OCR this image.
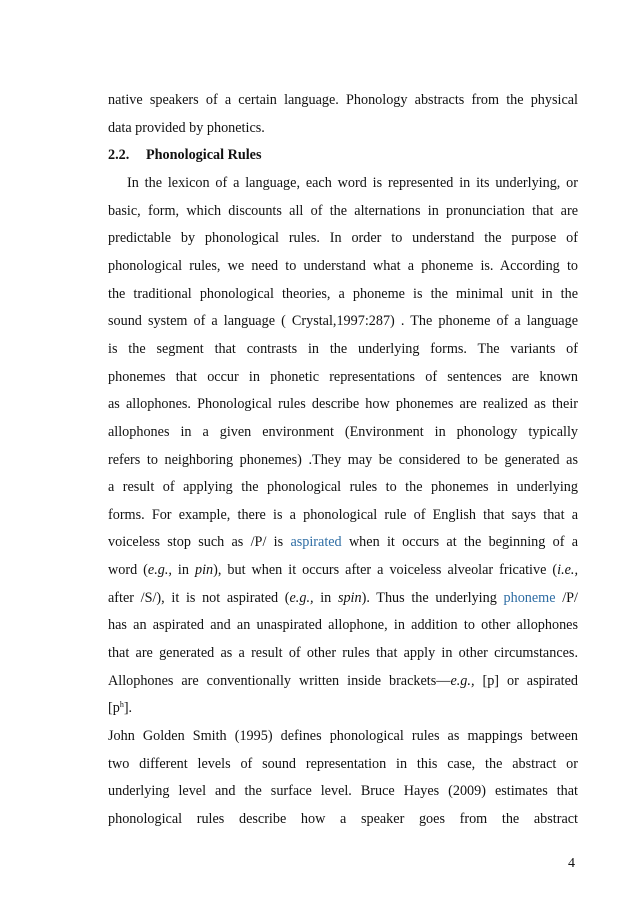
native speakers of a certain language. Phonology abstracts from the physical
data provided by phonetics.
In the lexicon of a language, each word is represented in its underlying, or
basic, form, which discounts all of the alternations in pronunciation that are
predictable by phonological rules. In order to understand the purpose of
phonological rules, we need to understand what a phoneme is. According to
the traditional phonological theories, a phoneme is the minimal unit in the
sound system of a language ( Crystal,1997:287) . The phoneme of a language
is the segment that contrasts in the underlying forms. The variants of
phonemes that occur in phonetic representations of sentences are known
as allophones. Phonological rules describe how phonemes are realized as their
allophones in a given environment (Environment in phonology typically
refers to neighboring phonemes) .They may be considered to be generated as
a result of applying the phonological rules to the phonemes in underlying
forms. For example, there is a phonological rule of English that says that a
voiceless stop such as /P/ is aspirated when it occurs at the beginning of a
word (e.g., in pin), but when it occurs after a voiceless alveolar fricative (i.e.,
after /S/), it is not aspirated (e.g., in spin). Thus the underlying phoneme /P/
has an aspirated and an unaspirated allophone, in addition to other allophones
that are generated as a result of other rules that apply in other circumstances.
Allophones are conventionally written inside brackets—e.g., [p] or aspirated
$[p^h]$.
John Golden Smith (1995) defines phonological rules as mappings between
two different levels of sound representation in this case, the abstract or
underlying level and the surface level. Bruce Hayes (2009) estimates that
phonological rules describe how a speaker goes from the abstract
2.2. Phonological Rules
4
